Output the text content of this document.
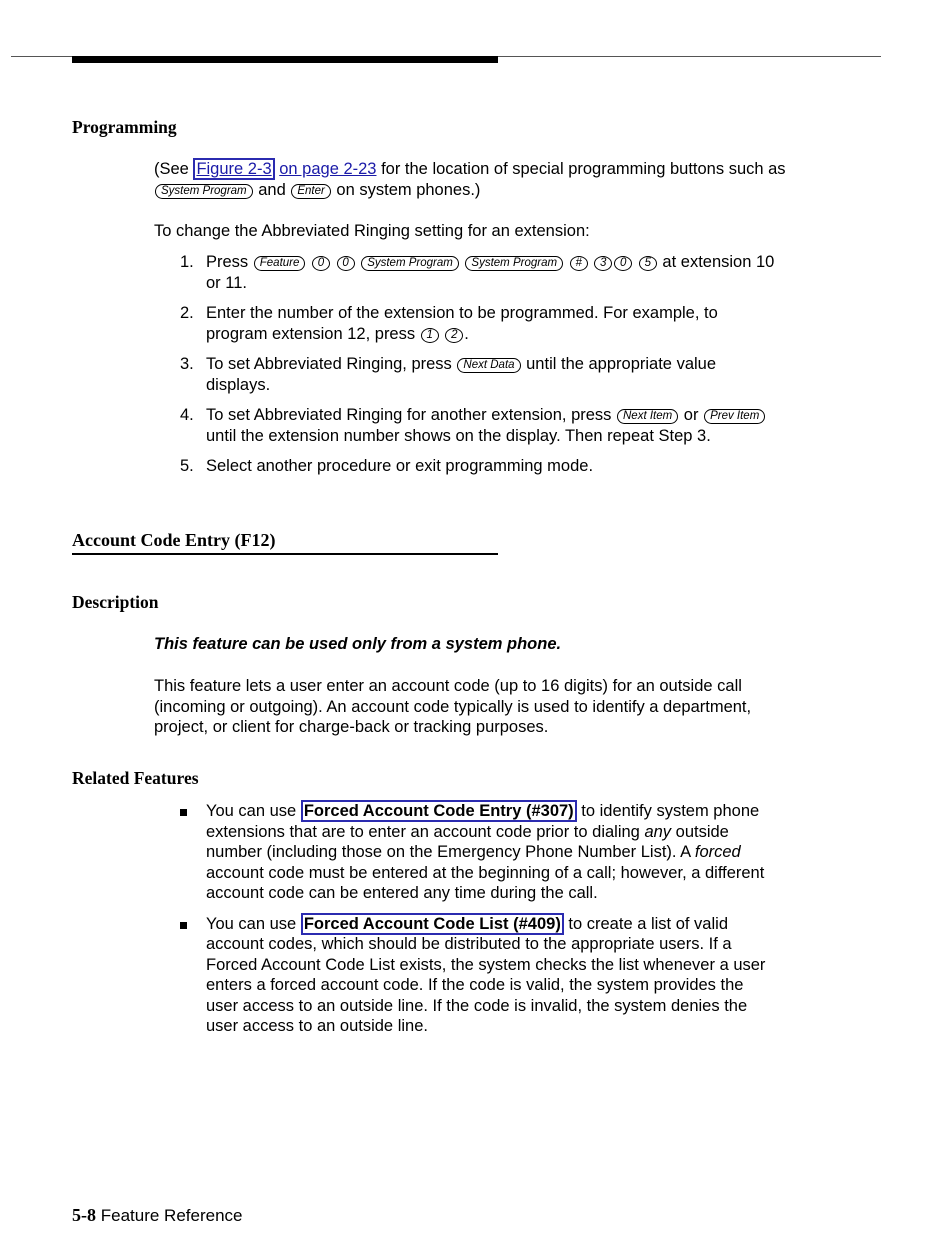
Programming
(See Figure 2-3 on page 2-23 for the location of special programming buttons such as System Program and Enter on system phones.)
To change the Abbreviated Ringing setting for an extension:
1. Press Feature 0 0 System Program System Program # 3 0 5 at extension 10 or 11.
2. Enter the number of the extension to be programmed. For example, to program extension 12, press 1 2 .
3. To set Abbreviated Ringing, press Next Data until the appropriate value displays.
4. To set Abbreviated Ringing for another extension, press Next Item or Prev Item until the extension number shows on the display. Then repeat Step 3.
5. Select another procedure or exit programming mode.
Account Code Entry (F12)
Description
This feature can be used only from a system phone.
This feature lets a user enter an account code (up to 16 digits) for an outside call (incoming or outgoing). An account code typically is used to identify a department, project, or client for charge-back or tracking purposes.
Related Features
You can use Forced Account Code Entry (#307) to identify system phone extensions that are to enter an account code prior to dialing any outside number (including those on the Emergency Phone Number List). A forced account code must be entered at the beginning of a call; however, a different account code can be entered any time during the call.
You can use Forced Account Code List (#409) to create a list of valid account codes, which should be distributed to the appropriate users. If a Forced Account Code List exists, the system checks the list whenever a user enters a forced account code. If the code is valid, the system provides the user access to an outside line. If the code is invalid, the system denies the user access to an outside line.
5-8 Feature Reference
